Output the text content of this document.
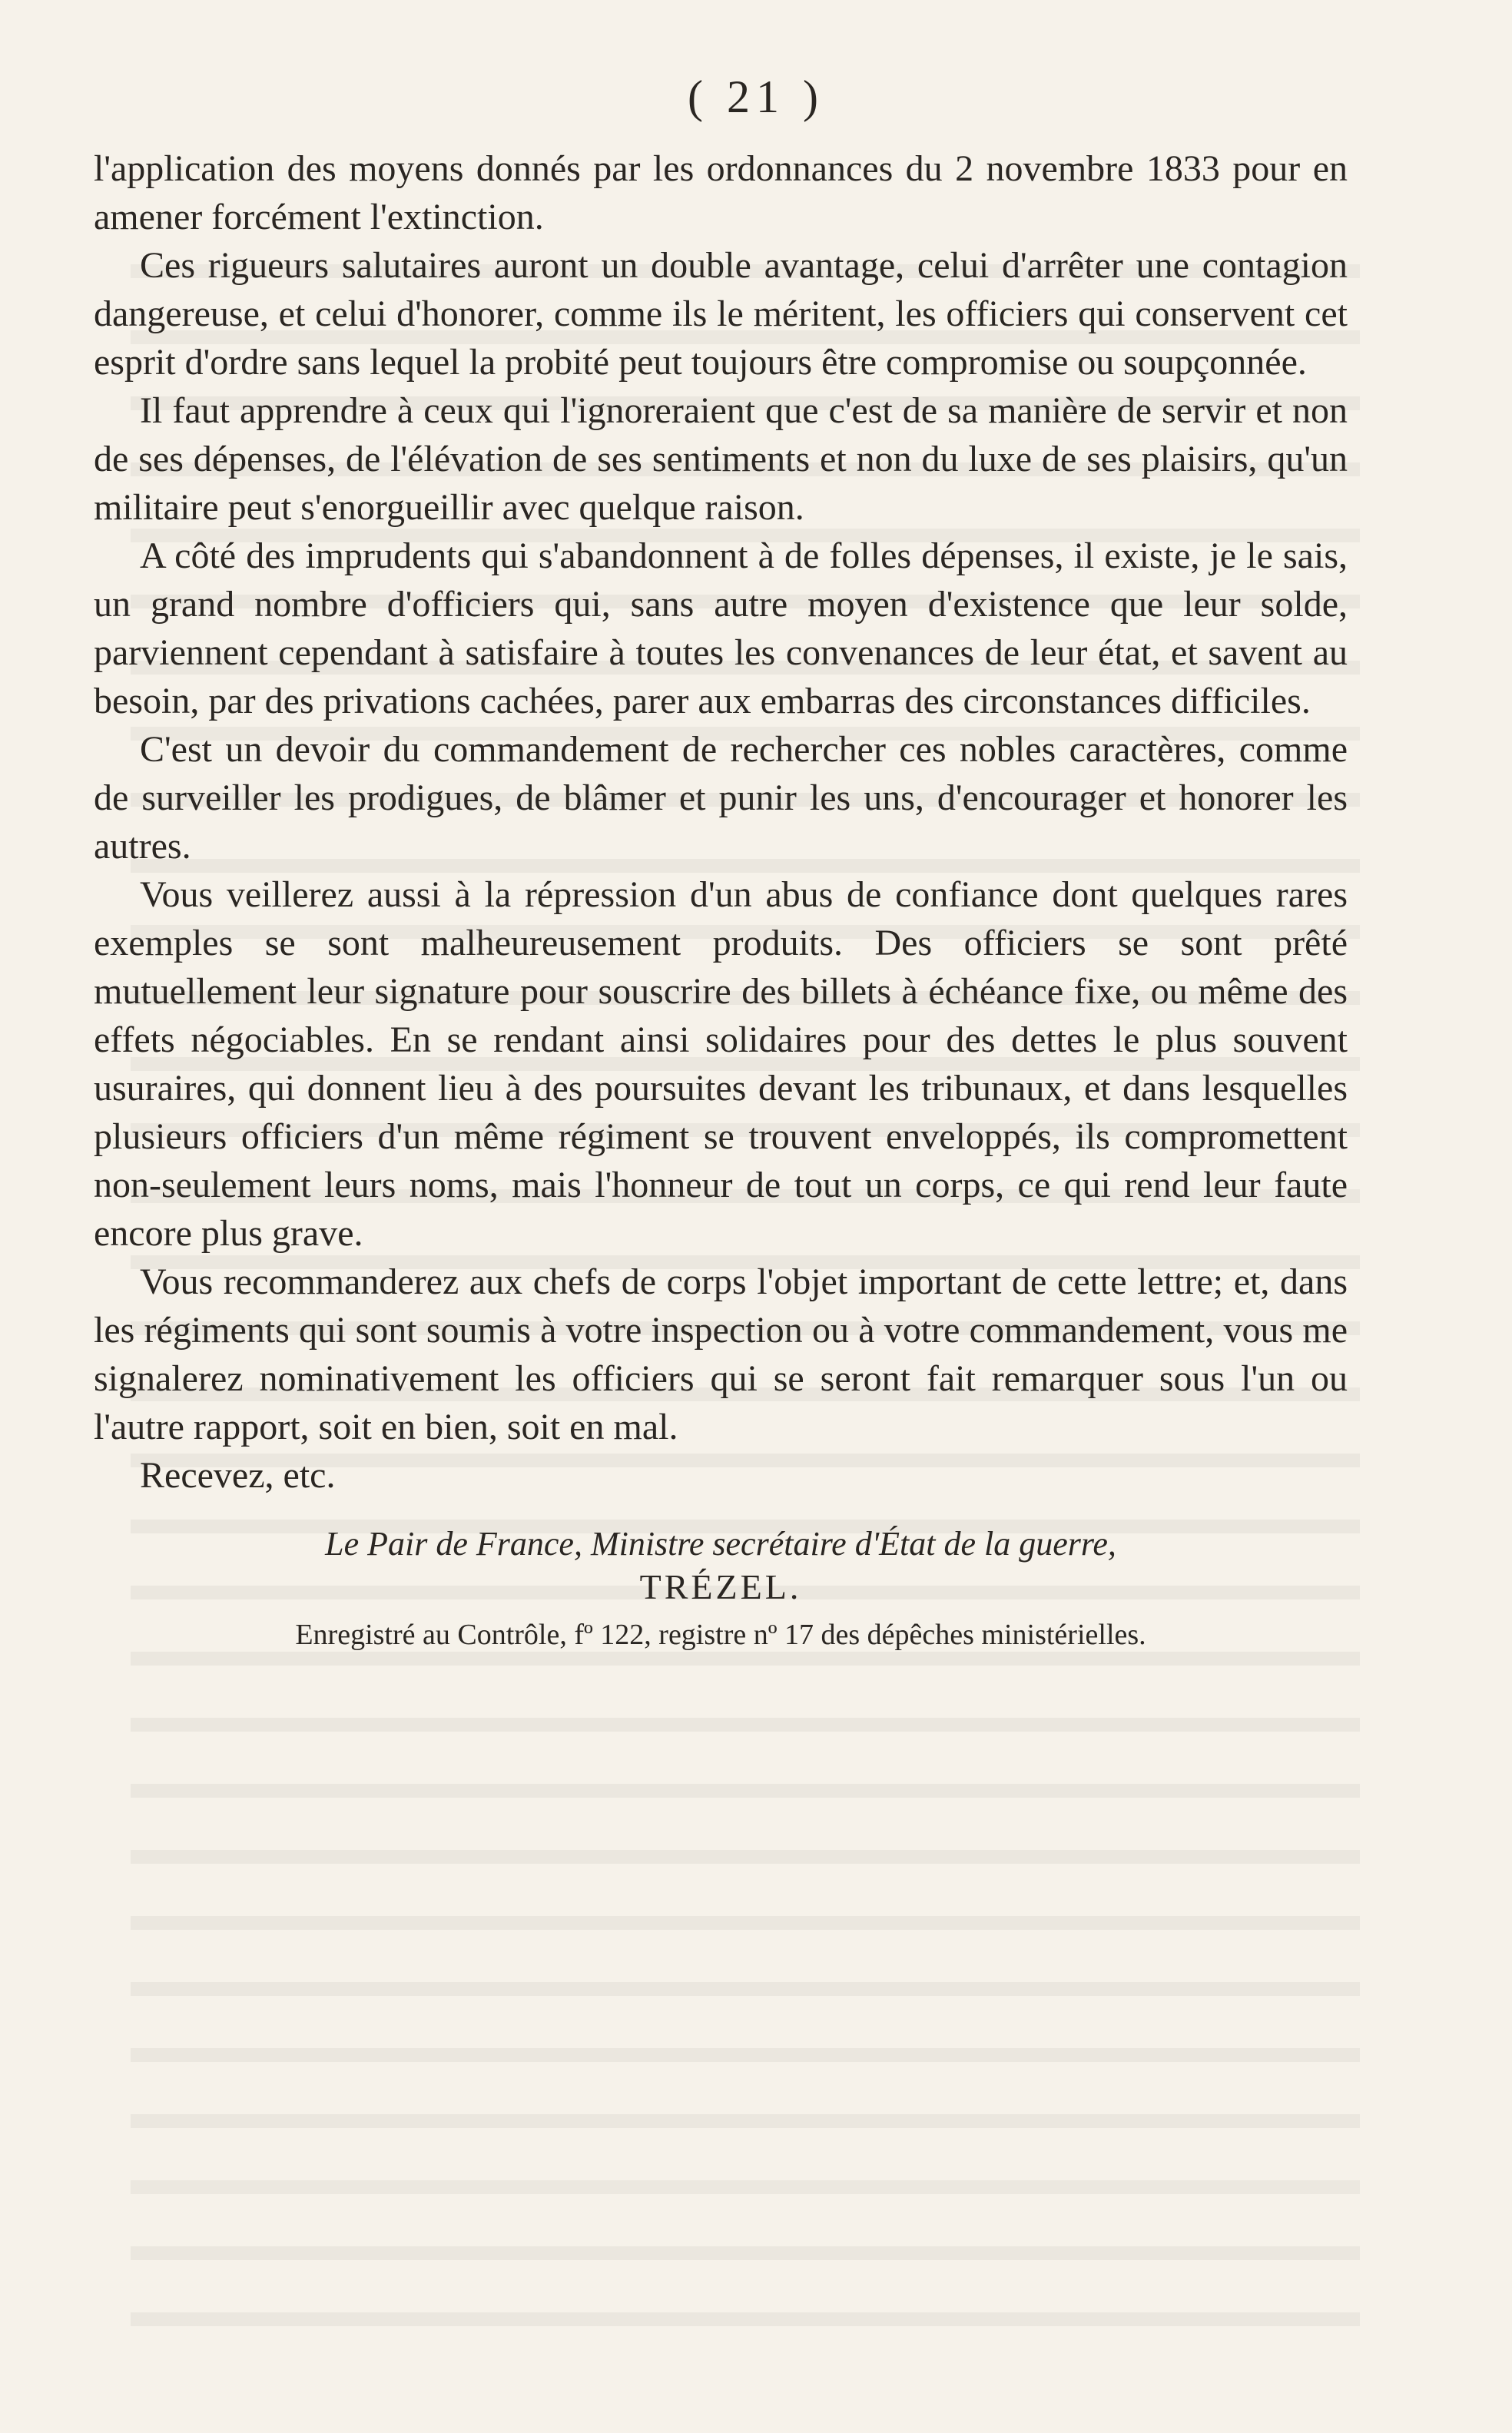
( 21 )

l'application des moyens donnés par les ordonnances du 2 novembre 1833 pour en amener forcément l'extinction.

Ces rigueurs salutaires auront un double avantage, celui d'arrêter une contagion dangereuse, et celui d'honorer, comme ils le méritent, les officiers qui conservent cet esprit d'ordre sans lequel la probité peut toujours être compromise ou soupçonnée.

Il faut apprendre à ceux qui l'ignoreraient que c'est de sa manière de servir et non de ses dépenses, de l'élévation de ses sentiments et non du luxe de ses plaisirs, qu'un militaire peut s'enorgueillir avec quelque raison.

A côté des imprudents qui s'abandonnent à de folles dépenses, il existe, je le sais, un grand nombre d'officiers qui, sans autre moyen d'existence que leur solde, parviennent cependant à satisfaire à toutes les convenances de leur état, et savent au besoin, par des privations cachées, parer aux embarras des circonstances difficiles.

C'est un devoir du commandement de rechercher ces nobles caractères, comme de surveiller les prodigues, de blâmer et punir les uns, d'encourager et honorer les autres.

Vous veillerez aussi à la répression d'un abus de confiance dont quelques rares exemples se sont malheureusement produits. Des officiers se sont prêté mutuellement leur signature pour souscrire des billets à échéance fixe, ou même des effets négociables. En se rendant ainsi solidaires pour des dettes le plus souvent usuraires, qui donnent lieu à des poursuites devant les tribunaux, et dans lesquelles plusieurs officiers d'un même régiment se trouvent enveloppés, ils compromettent non-seulement leurs noms, mais l'honneur de tout un corps, ce qui rend leur faute encore plus grave.

Vous recommanderez aux chefs de corps l'objet important de cette lettre; et, dans les régiments qui sont soumis à votre inspection ou à votre commandement, vous me signalerez nominativement les officiers qui se seront fait remarquer sous l'un ou l'autre rapport, soit en bien, soit en mal.

Recevez, etc.

Le Pair de France, Ministre secrétaire d'État de la guerre,
TRÉZEL.
Enregistré au Contrôle, fº 122, registre nº 17 des dépêches ministérielles.
